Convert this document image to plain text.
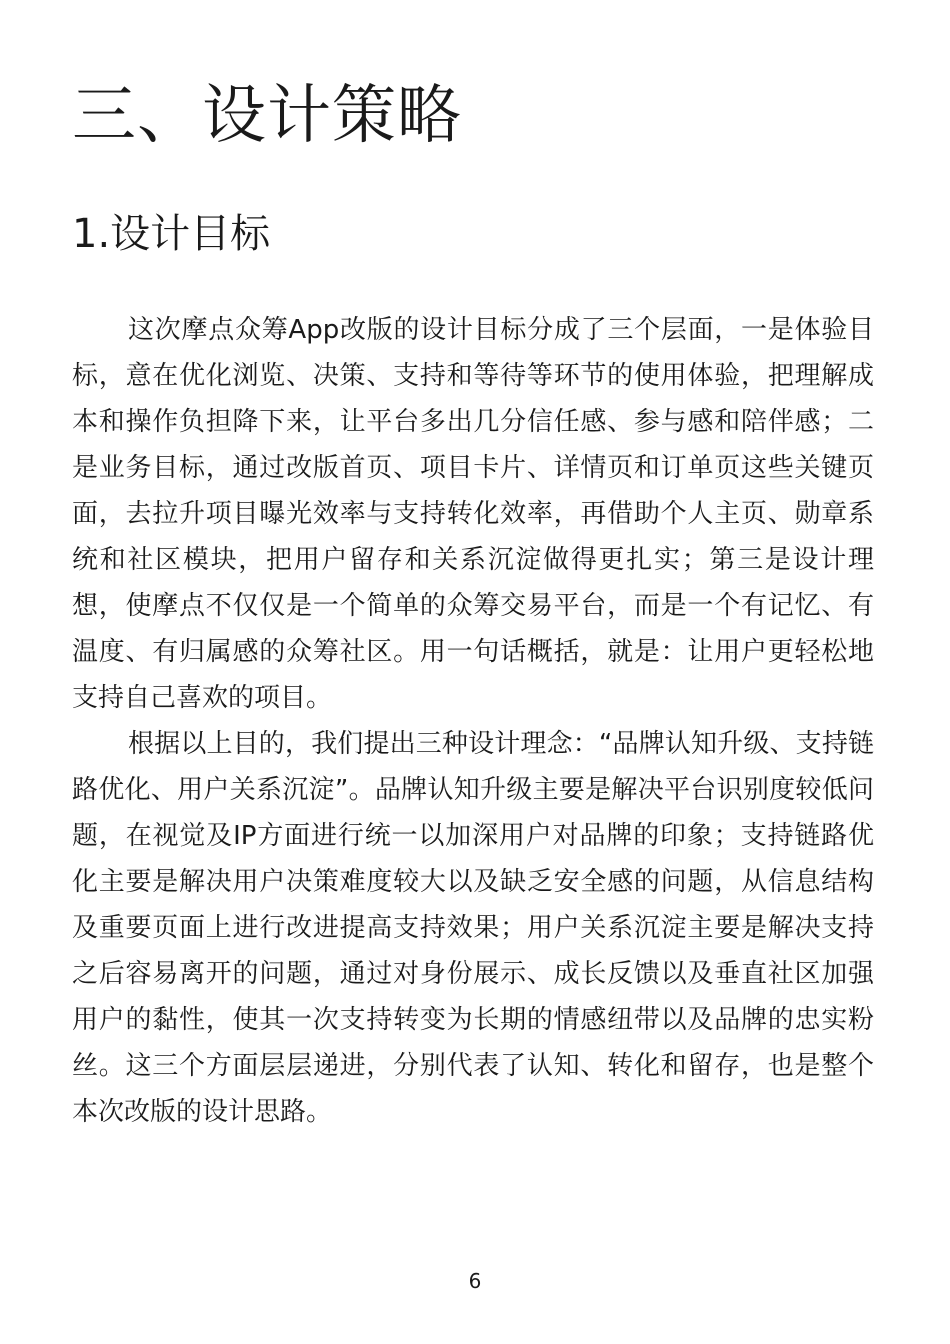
三、设计策略
1.设计目标

这次摩点众筹App改版的设计目标分成了三个层面，一是体验目标，意在优化浏览、决策、支持和等待等环节的使用体验，把理解成本和操作负担降下来，让平台多出几分信任感、参与感和陪伴感；二是业务目标，通过改版首页、项目卡片、详情页和订单页这些关键页面，去拉升项目曝光效率与支持转化效率，再借助个人主页、勋章系统和社区模块，把用户留存和关系沉淀做得更扎实；第三是设计理想，使摩点不仅仅是一个简单的众筹交易平台，而是一个有记忆、有温度、有归属感的众筹社区。用一句话概括，就是：让用户更轻松地支持自己喜欢的项目。

根据以上目的，我们提出三种设计理念：“品牌认知升级、支持链路优化、用户关系沉淀”。品牌认知升级主要是解决平台识别度较低问题，在视觉及IP方面进行统一以加深用户对品牌的印象；支持链路优化主要是解决用户决策难度较大以及缺乏安全感的问题，从信息结构及重要页面上进行改进提高支持效果；用户关系沉淀主要是解决支持之后容易离开的问题，通过对身份展示、成长反馈以及垂直社区加强用户的黏性，使其一次支持转变为长期的情感纽带以及品牌的忠实粉丝。这三个方面层层递进，分别代表了认知、转化和留存，也是整个本次改版的设计思路。

6
